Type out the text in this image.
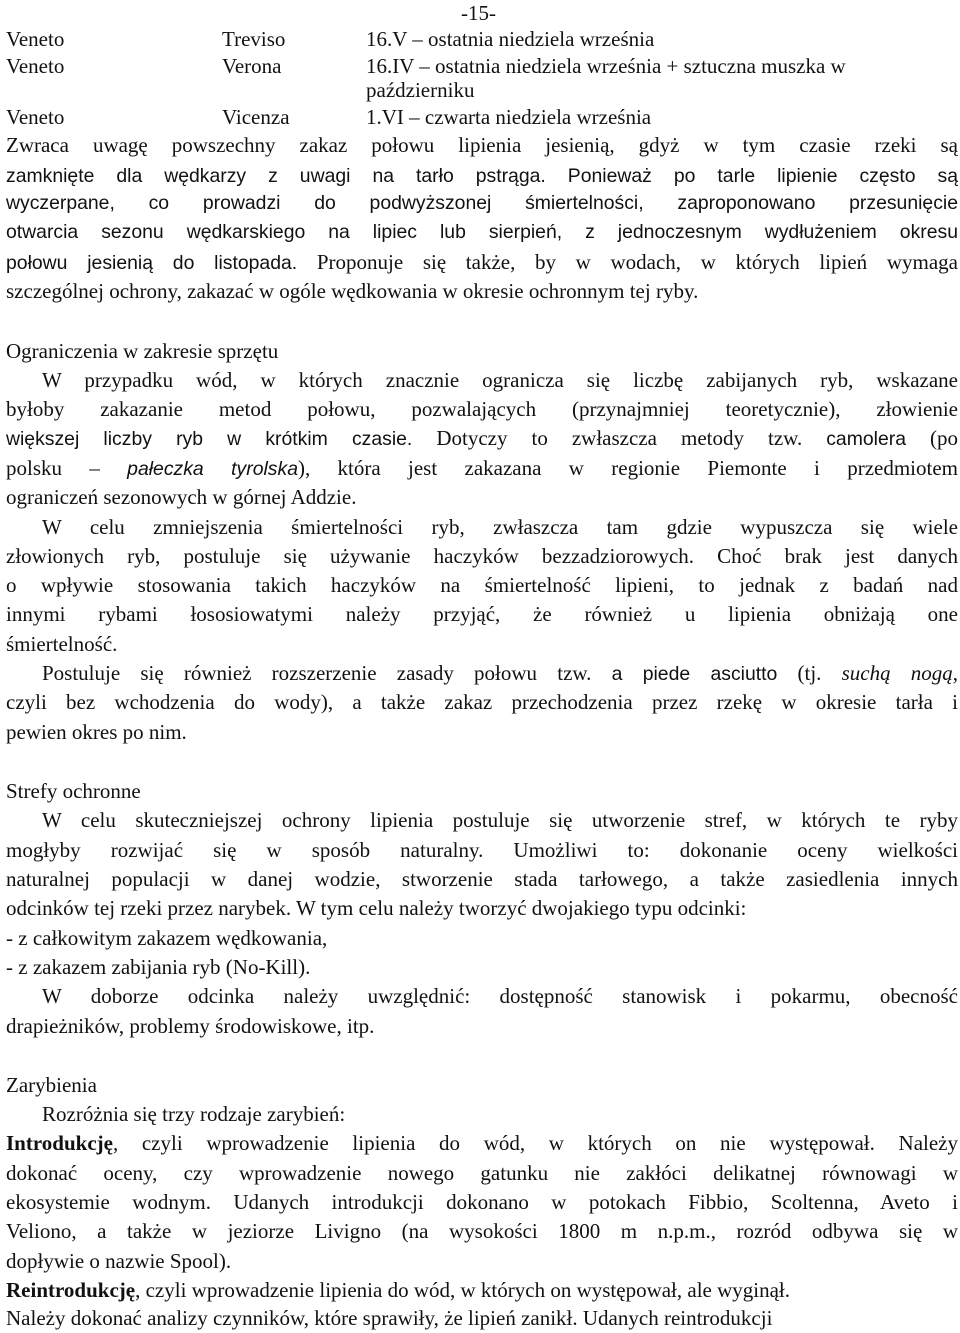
-15-
Veneto	Treviso	16.V – ostatnia niedziela września
Veneto	Verona	16.IV – ostatnia niedziela września + sztuczna muszka w
październiku
Veneto	Vicenza	1.VI – czwarta niedziela września
Zwraca uwagę powszechny zakaz połowu lipienia jesienią, gdyż w tym czasie rzeki są
zamknięte dla wędkarzy z uwagi na tarło pstrąga. Ponieważ po tarle lipienie często są
wyczerpane, co prowadzi do podwyższonej śmiertelności, zaproponowano przesunięcie
otwarcia sezonu wędkarskiego na lipiec lub sierpień, z jednoczesnym wydłużeniem okresu
połowu jesienią do listopada. Proponuje się także, by w wodach, w których lipień wymaga
szczególnej ochrony, zakazać w ogóle wędkowania w okresie ochronnym tej ryby.
Ograniczenia w zakresie sprzętu
W przypadku wód, w których znacznie ogranicza się liczbę zabijanych ryb, wskazane
byłoby zakazanie metod połowu, pozwalających (przynajmniej teoretycznie), złowienie
większej liczby ryb w krótkim czasie. Dotyczy to zwłaszcza metody tzw. camolera (po
polsku – pałeczka tyrolska), która jest zakazana w regionie Piemonte i przedmiotem
ograniczeń sezonowych w górnej Addzie.
W celu zmniejszenia śmiertelności ryb, zwłaszcza tam gdzie wypuszcza się wiele
złowionych ryb, postuluje się używanie haczyków bezzadziorowych. Choć brak jest danych
o wpływie stosowania takich haczyków na śmiertelność lipieni, to jednak z badań nad
innymi rybami łososiowatymi należy przyjąć, że również u lipienia obniżają one
śmiertelność.
Postuluje się również rozszerzenie zasady połowu tzw. a piede asciutto (tj. suchą nogą,
czyli bez wchodzenia do wody), a także zakaz przechodzenia przez rzekę w okresie tarła i
pewien okres po nim.
Strefy ochronne
W celu skuteczniejszej ochrony lipienia postuluje się utworzenie stref, w których te ryby
mogłyby rozwijać się w sposób naturalny. Umożliwi to: dokonanie oceny wielkości
naturalnej populacji w danej wodzie, stworzenie stada tarłowego, a także zasiedlenia innych
odcinków tej rzeki przez narybek. W tym celu należy tworzyć dwojakiego typu odcinki:
- z całkowitym zakazem wędkowania,
- z zakazem zabijania ryb (No-Kill).
W doborze odcinka należy uwzględnić: dostępność stanowisk i pokarmu, obecność
drapieżników, problemy środowiskowe, itp.
Zarybienia
Rozróżnia się trzy rodzaje zarybień:
Introdukcję, czyli wprowadzenie lipienia do wód, w których on nie występował. Należy
dokonać oceny, czy wprowadzenie nowego gatunku nie zakłóci delikatnej równowagi w
ekosystemie wodnym. Udanych introdukcji dokonano w potokach Fibbio, Scoltenna, Aveto i
Veliono, a także w jeziorze Livigno (na wysokości 1800 m n.p.m., rozród odbywa się w
dopływie o nazwie Spool).
Reintrodukcję, czyli wprowadzenie lipienia do wód, w których on występował, ale wyginął.
Należy dokonać analizy czynników, które sprawiły, że lipień zanikł. Udanych reintrodukcji
